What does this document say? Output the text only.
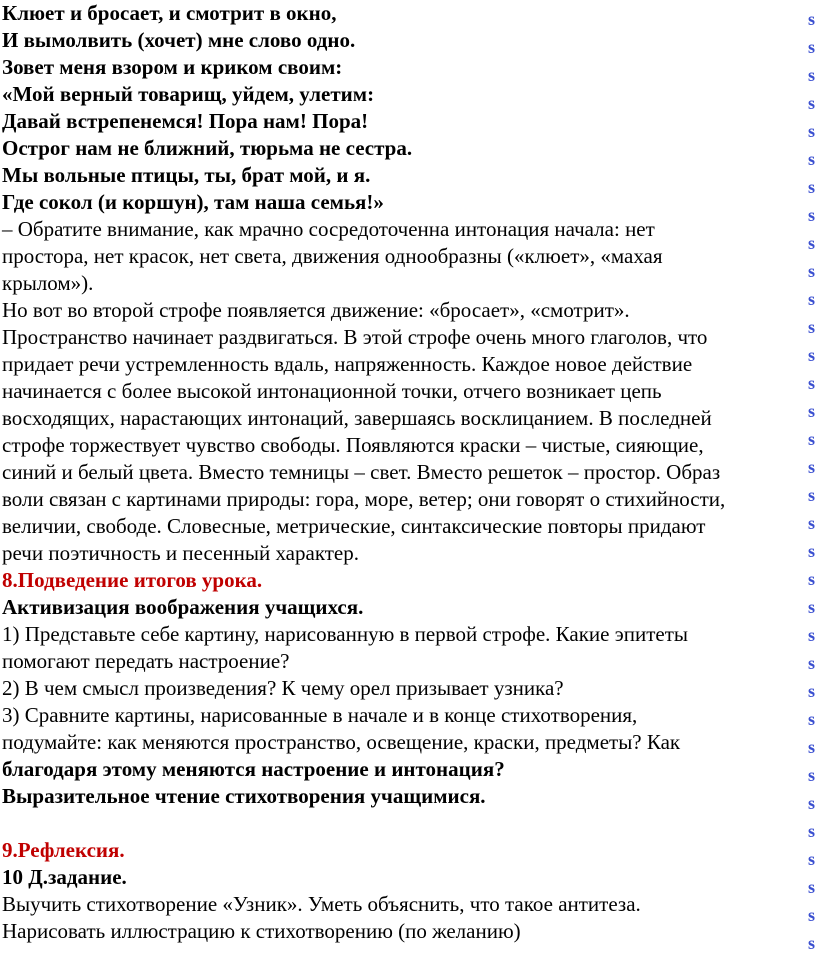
Клюет и бросает, и смотрит в окно,
И вымолвить (хочет) мне слово одно.
Зовет меня взором и криком своим:
«Мой верный товарищ, уйдем, улетим:
Давай встрепенемся! Пора нам! Пора!
Острог нам не ближний, тюрьма не сестра.
Мы вольные птицы, ты, брат мой, и я.
Где сокол (и коршун), там наша семья!»
– Обратите внимание, как мрачно сосредоточенна интонация начала: нет
простора, нет красок, нет света, движения однообразны («клюет», «махая
крылом»).
Но вот во второй строфе появляется движение: «бросает», «смотрит».
Пространство начинает раздвигаться. В этой строфе очень много глаголов, что
придает речи устремленность вдаль, напряженность. Каждое новое действие
начинается с более высокой интонационной точки, отчего возникает цепь
восходящих, нарастающих интонаций, завершаясь восклицанием. В последней
строфе торжествует чувство свободы. Появляются краски – чистые, сияющие,
синий и белый цвета. Вместо темницы – свет. Вместо решеток – простор. Образ
воли связан с картинами природы: гора, море, ветер; они говорят о стихийности,
величии, свободе. Словесные, метрические, синтаксические повторы придают
речи поэтичность и песенный характер.
8.Подведение итогов урока.
Активизация воображения учащихся.
1) Представьте себе картину, нарисованную в первой строфе. Какие эпитеты
помогают передать настроение?
2) В чем смысл произведения? К чему орел призывает узника?
3) Сравните картины, нарисованные в начале и в конце стихотворения,
подумайте: как меняются пространство, освещение, краски, предметы? Как
благодаря этому меняются настроение и интонация?
Выразительное чтение стихотворения учащимися.
9.Рефлексия.
10 Д.задание.
Выучить стихотворение «Узник». Уметь объяснить, что такое антитеза.
Нарисовать иллюстрацию к стихотворению (по желанию)
s
s
s
s
s
s
s
s
s
s
s
s
s
s
s
s
s
s
s
s
s
s
s
s
s
s
s
s
s
s
s
s
s
s
